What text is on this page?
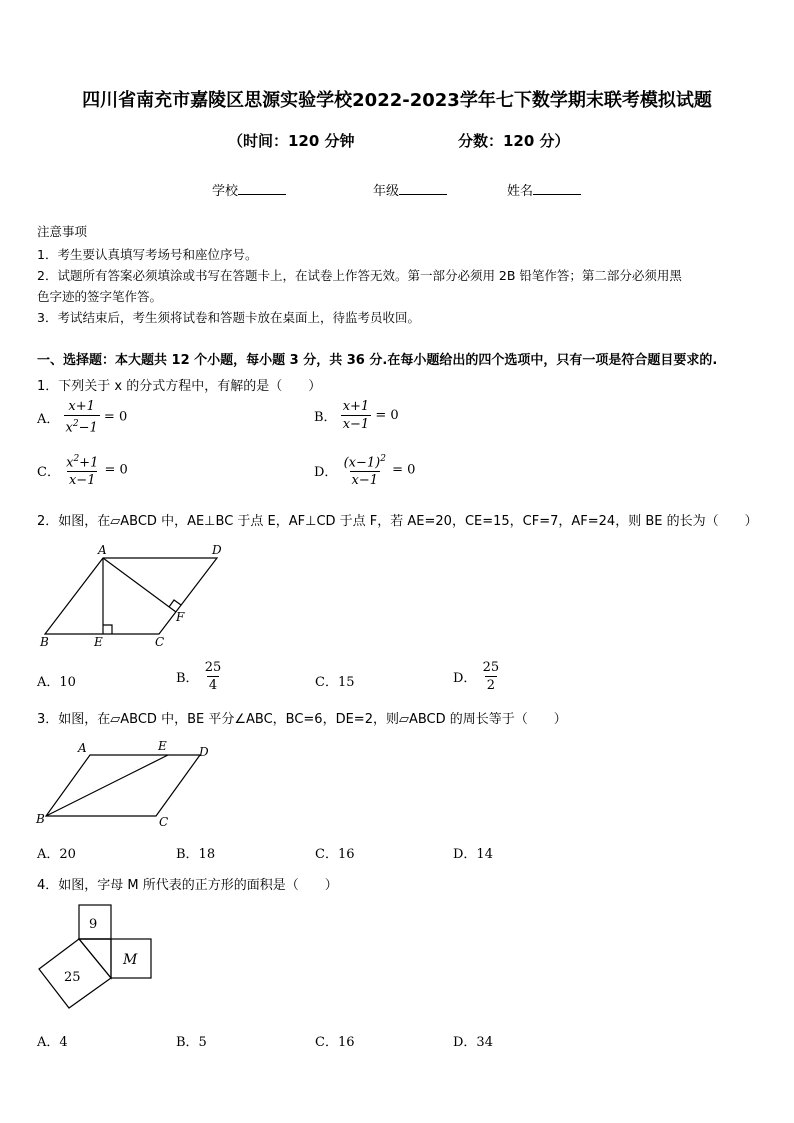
四川省南充市嘉陵区思源实验学校2022-2023学年七下数学期末联考模拟试题
（时间：120 分钟	分数：120 分）
学校	年级	姓名
注意事项
1．考生要认真填写考场号和座位序号。
2．试题所有答案必须填涂或书写在答题卡上，在试卷上作答无效。第一部分必须用 2B 铅笔作答；第二部分必须用黑
色字迹的签字笔作答。
3．考试结束后，考生须将试卷和答题卡放在桌面上，待监考员收回。
一、选择题：本大题共 12 个小题，每小题 3 分，共 36 分.在每小题给出的四个选项中，只有一项是符合题目要求的.
1．下列关于 x 的分式方程中，有解的是（　　）
A． $\frac{x+1}{x^2-1} = 0$	B． $\frac{x+1}{x-1} = 0$
C． $\frac{x^2+1}{x-1} = 0$	D． $\frac{(x-1)^2}{x-1} = 0$
2．如图，在▱ABCD 中，AE⊥BC 于点 E，AF⊥CD 于点 F，若 AE=20，CE=15，CF=7，AF=24，则 BE 的长为（　　）
A	D
B	E	C
F
A．10	B． $\frac{25}{4}$	C．15	D． $\frac{25}{2}$
3．如图，在▱ABCD 中，BE 平分∠ABC，BC=6，DE=2，则▱ABCD 的周长等于（　　）
A	E	D
B	C
A．20	B．18	C．16	D．14
4．如图，字母 M 所代表的正方形的面积是（　　）
9
25
M
A．4	B．5	C．16	D．34
